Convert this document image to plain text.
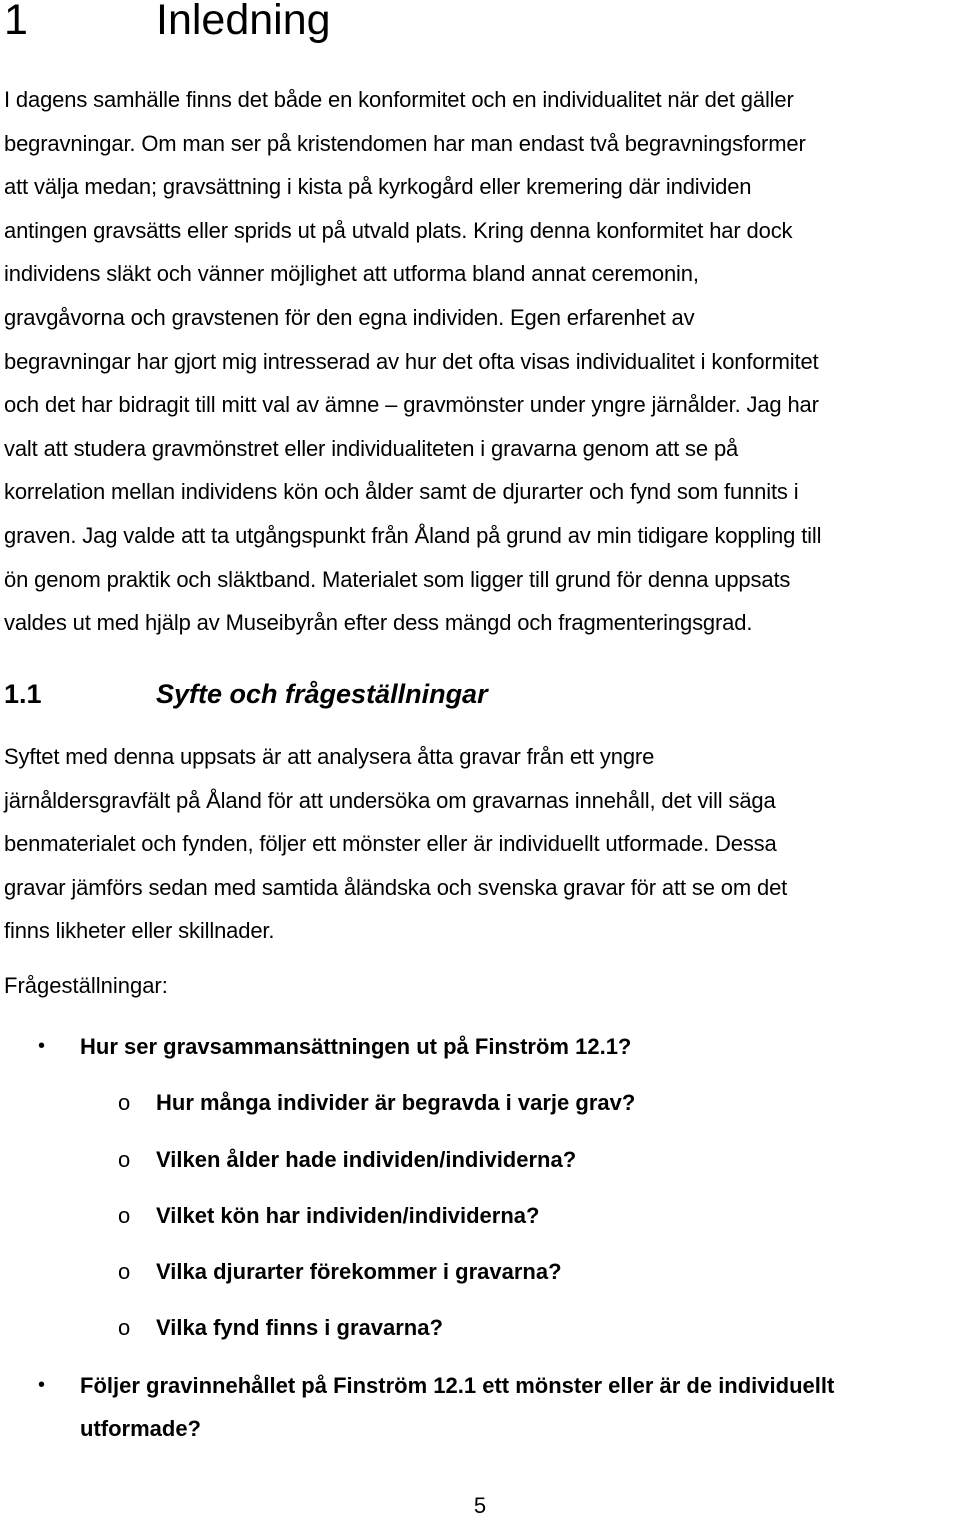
1	Inledning

I dagens samhälle finns det både en konformitet och en individualitet när det gäller
begravningar. Om man ser på kristendomen har man endast två begravningsformer
att välja medan; gravsättning i kista på kyrkogård eller kremering där individen
antingen gravsätts eller sprids ut på utvald plats. Kring denna konformitet har dock
individens släkt och vänner möjlighet att utforma bland annat ceremonin,
gravgåvorna och gravstenen för den egna individen. Egen erfarenhet av
begravningar har gjort mig intresserad av hur det ofta visas individualitet i konformitet
och det har bidragit till mitt val av ämne – gravmönster under yngre järnålder. Jag har
valt att studera gravmönstret eller individualiteten i gravarna genom att se på
korrelation mellan individens kön och ålder samt de djurarter och fynd som funnits i
graven. Jag valde att ta utgångspunkt från Åland på grund av min tidigare koppling till
ön genom praktik och släktband. Materialet som ligger till grund för denna uppsats
valdes ut med hjälp av Museibyrån efter dess mängd och fragmenteringsgrad.

1.1	Syfte och frågeställningar

Syftet med denna uppsats är att analysera åtta gravar från ett yngre
järnåldersgravfält på Åland för att undersöka om gravarnas innehåll, det vill säga
benmaterialet och fynden, följer ett mönster eller är individuellt utformade. Dessa
gravar jämförs sedan med samtida åländska och svenska gravar för att se om det
finns likheter eller skillnader.

Frågeställningar:

• Hur ser gravsammansättningen ut på Finström 12.1?
o Hur många individer är begravda i varje grav?
o Vilken ålder hade individen/individerna?
o Vilket kön har individen/individerna?
o Vilka djurarter förekommer i gravarna?
o Vilka fynd finns i gravarna?
• Följer gravinnehållet på Finström 12.1 ett mönster eller är de individuellt
utformade?
5
